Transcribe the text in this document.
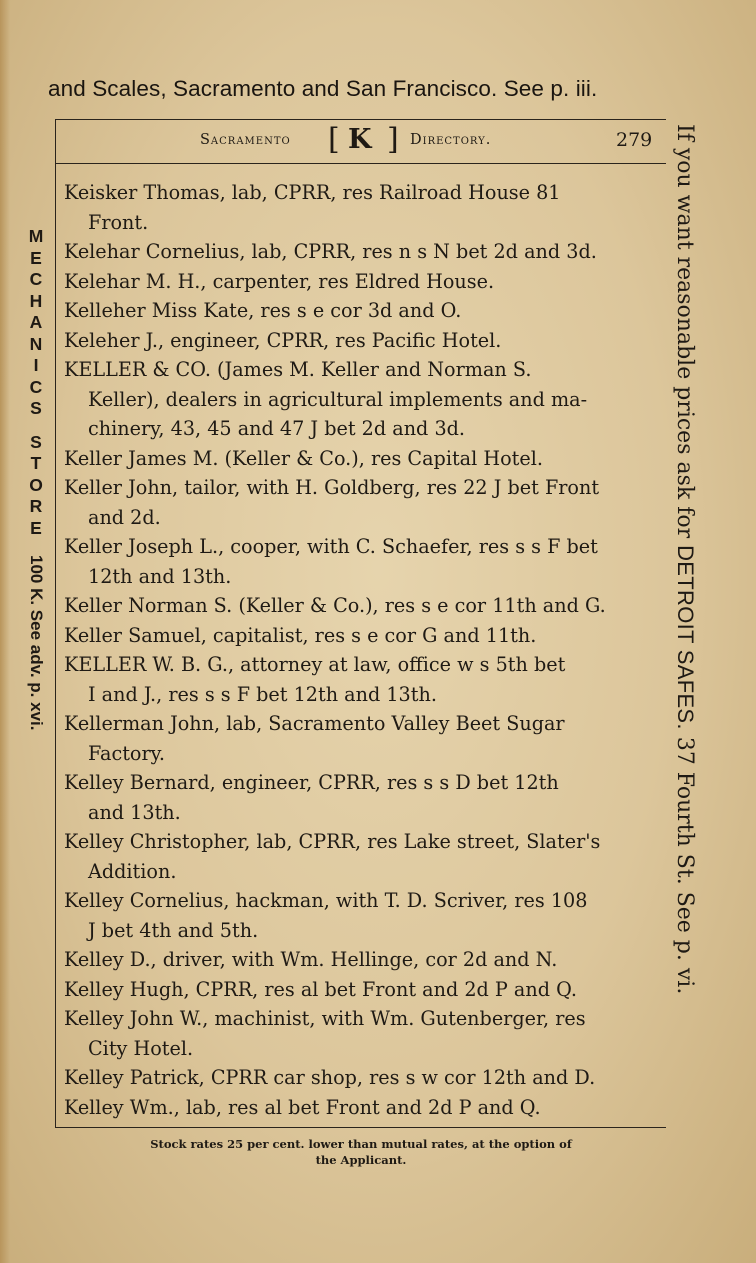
and Scales, Sacramento and San Francisco. See p. iii.
Sacramento [ K ] Directory.	279
Keisker Thomas, lab, CPRR, res Railroad House 81
Front.
Kelehar Cornelius, lab, CPRR, res n s N bet 2d and 3d.
Kelehar M. H., carpenter, res Eldred House.
Kelleher Miss Kate, res s e cor 3d and O.
Keleher J., engineer, CPRR, res Pacific Hotel.
KELLER & CO. (James M. Keller and Norman S.
Keller), dealers in agricultural implements and ma-
chinery, 43, 45 and 47 J bet 2d and 3d.
Keller James M. (Keller & Co.), res Capital Hotel.
Keller John, tailor, with H. Goldberg, res 22 J bet Front
and 2d.
Keller Joseph L., cooper, with C. Schaefer, res s s F bet
12th and 13th.
Keller Norman S. (Keller & Co.), res s e cor 11th and G.
Keller Samuel, capitalist, res s e cor G and 11th.
KELLER W. B. G., attorney at law, office w s 5th bet
I and J., res s s F bet 12th and 13th.
Kellerman John, lab, Sacramento Valley Beet Sugar
Factory.
Kelley Bernard, engineer, CPRR, res s s D bet 12th
and 13th.
Kelley Christopher, lab, CPRR, res Lake street, Slater's
Addition.
Kelley Cornelius, hackman, with T. D. Scriver, res 108
J bet 4th and 5th.
Kelley D., driver, with Wm. Hellinge, cor 2d and N.
Kelley Hugh, CPRR, res al bet Front and 2d P and Q.
Kelley John W., machinist, with Wm. Gutenberger, res
City Hotel.
Kelley Patrick, CPRR car shop, res s w cor 12th and D.
Kelley Wm., lab, res al bet Front and 2d P and Q.
M
E
C
H
A
N
I
C
S
S
T
O
R
E
100 K. See adv. p. xvi.
If you want reasonable prices ask for DETROIT SAFES. 37 Fourth St. See p. vi.
Stock rates 25 per cent. lower than mutual rates, at the option of
the Applicant.
